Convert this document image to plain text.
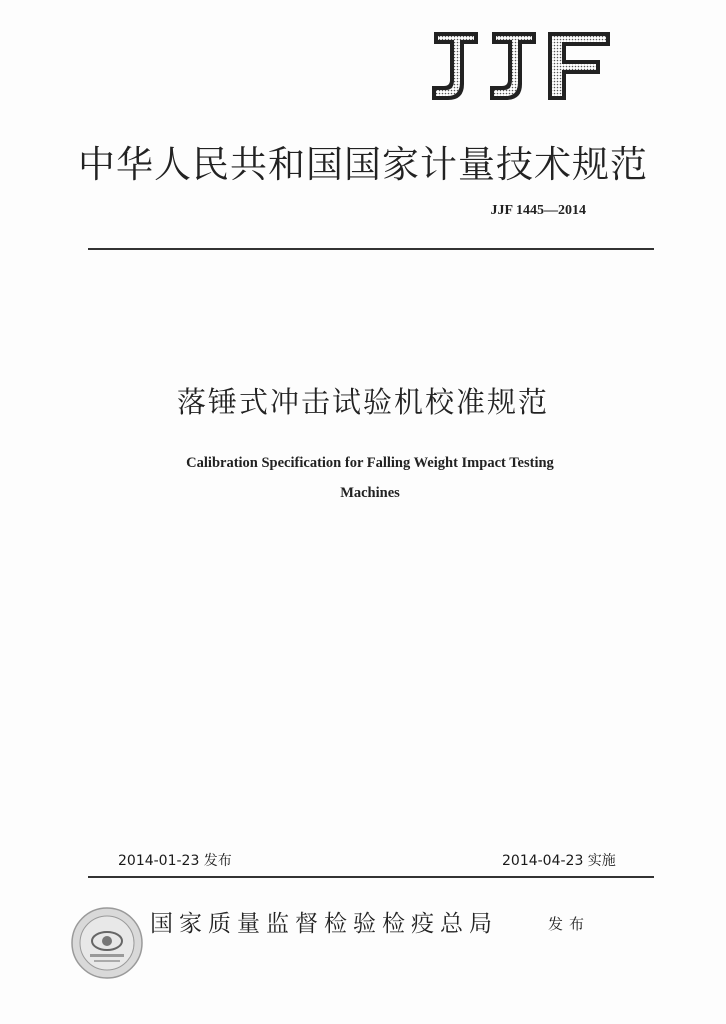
中华人民共和国国家计量技术规范
JJF 1445—2014
落锤式冲击试验机校准规范
Calibration Specification for Falling Weight Impact Testing
Machines
2014-01-23 发布	2014-04-23 实施
国家质量监督检验检疫总局	发布
